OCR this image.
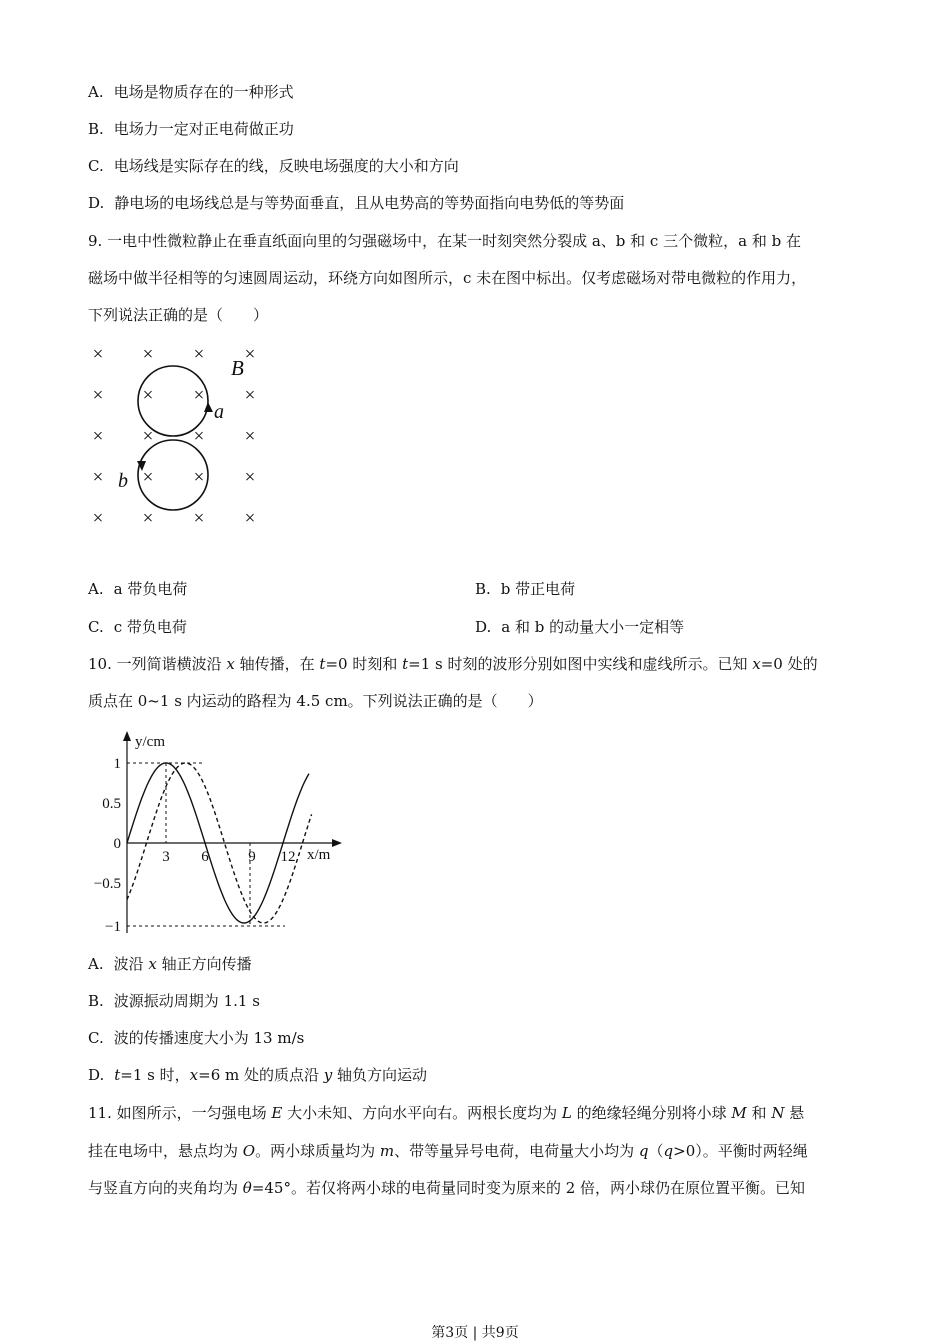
A. 电场是物质存在的一种形式
B. 电场力一定对正电荷做正功
C. 电场线是实际存在的线，反映电场强度的大小和方向
D. 静电场的电场线总是与等势面垂直，且从电势高的等势面指向电势低的等势面
9. 一电中性微粒静止在垂直纸面向里的匀强磁场中，在某一时刻突然分裂成 a、b 和 c 三个微粒，a 和 b 在
磁场中做半径相等的匀速圆周运动，环绕方向如图所示，c 未在图中标出。仅考虑磁场对带电微粒的作用力，
下列说法正确的是（　　）
× × × ×
× × × ×
× × × ×
× × × ×
× × × ×
B
a
b
A. a 带负电荷	B. b 带正电荷
C. c 带负电荷	D. a 和 b 的动量大小一定相等
10. 一列简谐横波沿 x 轴传播，在 t=0 时刻和 t=1 s 时刻的波形分别如图中实线和虚线所示。已知 x=0 处的
质点在 0~1 s 内运动的路程为 4.5 cm。下列说法正确的是（　　）
y/cm
x/m
3 6	9 12
1
0.5
0
−0.5
−1
A. 波沿 x 轴正方向传播
B. 波源振动周期为 1.1 s
C. 波的传播速度大小为 13 m/s
D. t=1 s 时，x=6 m 处的质点沿 y 轴负方向运动
11. 如图所示，一匀强电场 E 大小未知、方向水平向右。两根长度均为 L 的绝缘轻绳分别将小球 M 和 N 悬
挂在电场中，悬点均为 O。两小球质量均为 m、带等量异号电荷，电荷量大小均为 q（q>0）。平衡时两轻绳
与竖直方向的夹角均为 θ=45°。若仅将两小球的电荷量同时变为原来的 2 倍，两小球仍在原位置平衡。已知
第3页 | 共9页
